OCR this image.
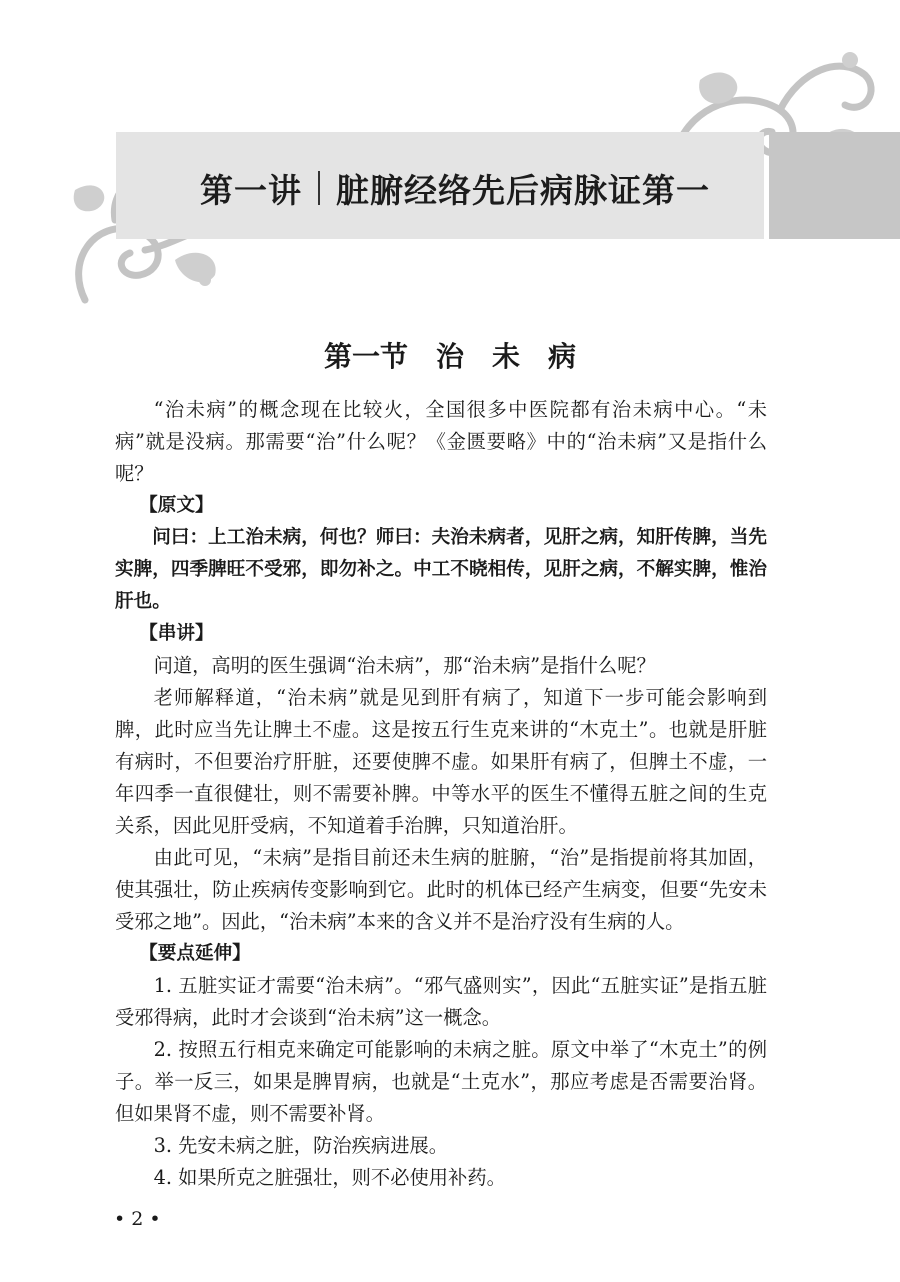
第一讲 脏腑经络先后病脉证第一
第一节　治　未　病

“治未病”的概念现在比较火，全国很多中医院都有治未病中心。“未病”就是没病。那需要“治”什么呢？《金匮要略》中的“治未病”又是指什么呢？

【原文】

问曰：上工治未病，何也？师曰：夫治未病者，见肝之病，知肝传脾，当先实脾，四季脾旺不受邪，即勿补之。中工不晓相传，见肝之病，不解实脾，惟治肝也。

【串讲】

问道，高明的医生强调“治未病”，那“治未病”是指什么呢？

老师解释道，“治未病”就是见到肝有病了，知道下一步可能会影响到脾，此时应当先让脾土不虚。这是按五行生克来讲的“木克土”。也就是肝脏有病时，不但要治疗肝脏，还要使脾不虚。如果肝有病了，但脾土不虚，一年四季一直很健壮，则不需要补脾。中等水平的医生不懂得五脏之间的生克关系，因此见肝受病，不知道着手治脾，只知道治肝。

由此可见，“未病”是指目前还未生病的脏腑，“治”是指提前将其加固，使其强壮，防止疾病传变影响到它。此时的机体已经产生病变，但要“先安未受邪之地”。因此，“治未病”本来的含义并不是治疗没有生病的人。

【要点延伸】

1. 五脏实证才需要“治未病”。“邪气盛则实”，因此“五脏实证”是指五脏受邪得病，此时才会谈到“治未病”这一概念。

2. 按照五行相克来确定可能影响的未病之脏。原文中举了“木克土”的例子。举一反三，如果是脾胃病，也就是“土克水”，那应考虑是否需要治肾。但如果肾不虚，则不需要补肾。

3. 先安未病之脏，防治疾病进展。

4. 如果所克之脏强壮，则不必使用补药。

• 2 •
